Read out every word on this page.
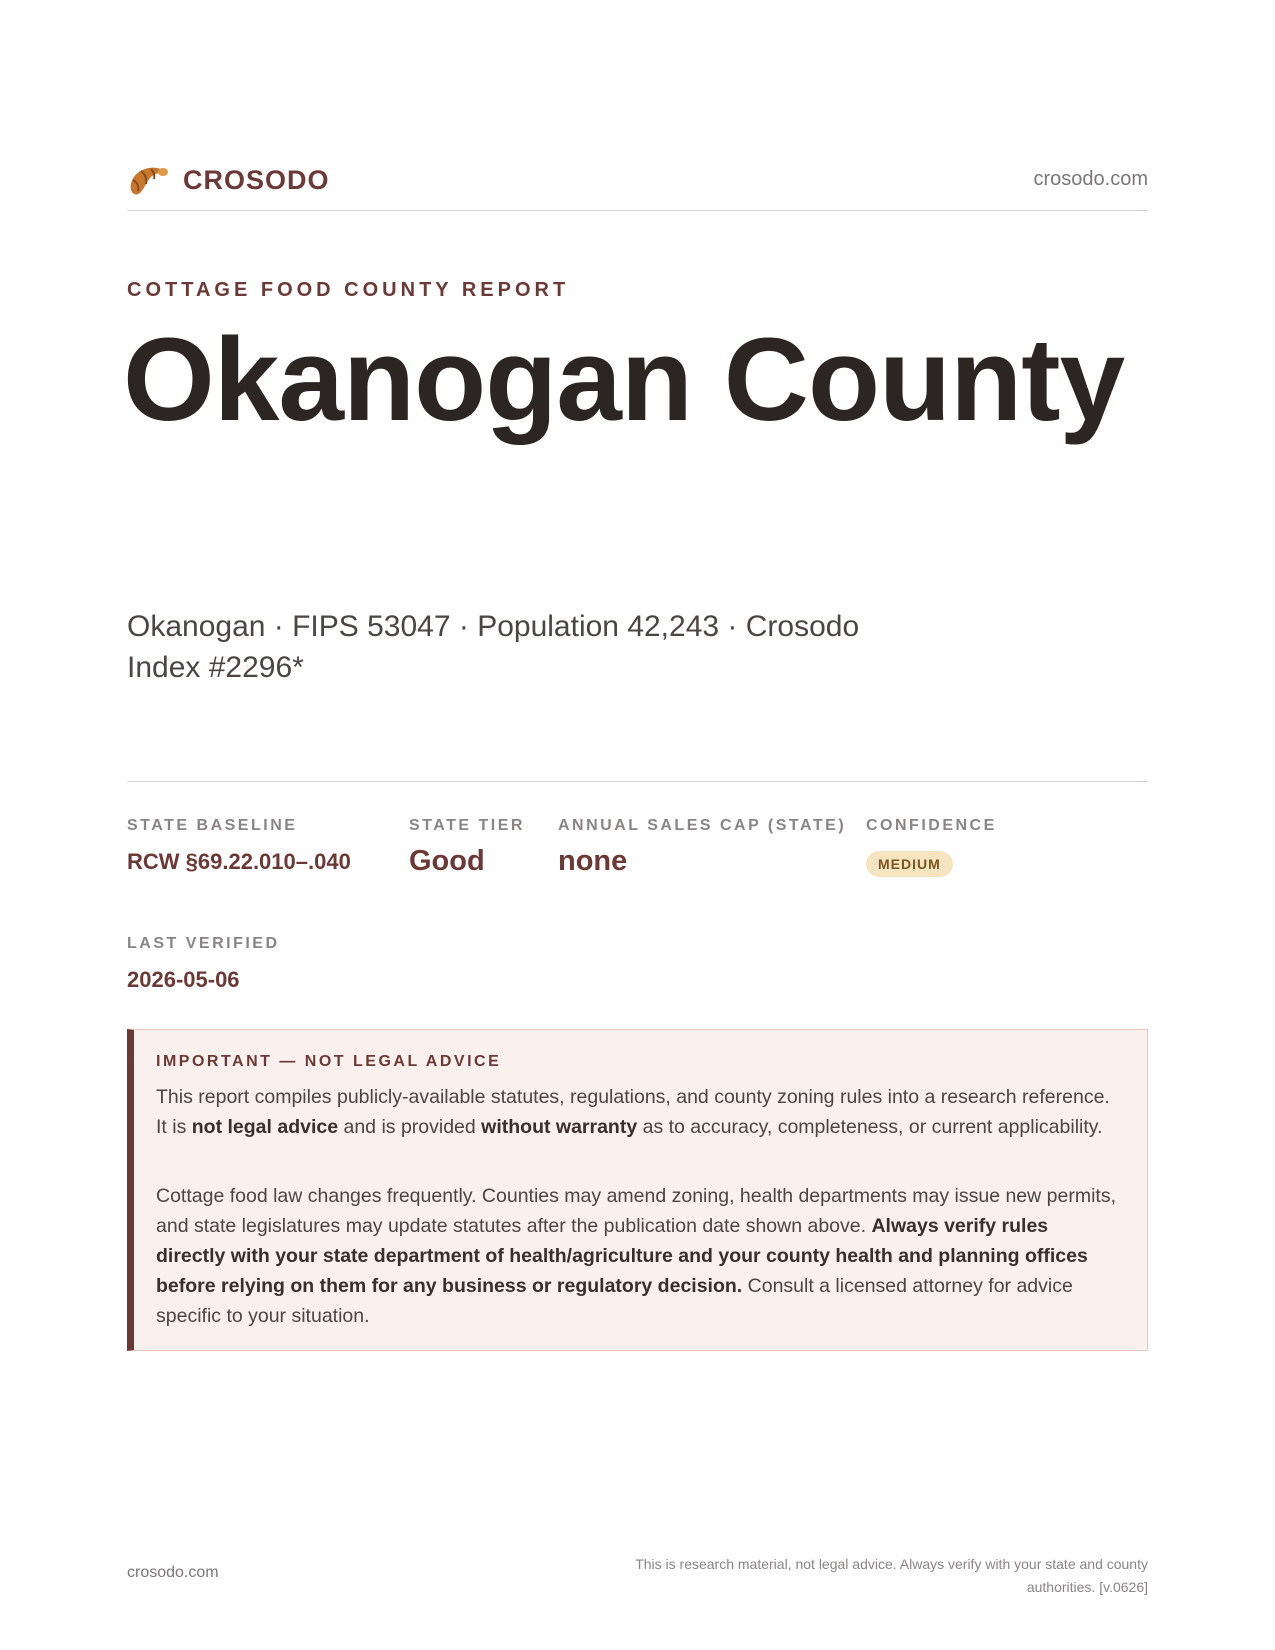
CROSODO	crosodo.com
COTTAGE FOOD COUNTY REPORT
Okanogan County
Okanogan · FIPS 53047 · Population 42,243 · Crosodo Index #2296*
STATE BASELINE
RCW §69.22.010–.040
STATE TIER
Good
ANNUAL SALES CAP (STATE)
none
CONFIDENCE
MEDIUM
LAST VERIFIED
2026-05-06
IMPORTANT — NOT LEGAL ADVICE
This report compiles publicly-available statutes, regulations, and county zoning rules into a research reference. It is not legal advice and is provided without warranty as to accuracy, completeness, or current applicability.
Cottage food law changes frequently. Counties may amend zoning, health departments may issue new permits, and state legislatures may update statutes after the publication date shown above. Always verify rules directly with your state department of health/agriculture and your county health and planning offices before relying on them for any business or regulatory decision. Consult a licensed attorney for advice specific to your situation.
crosodo.com	This is research material, not legal advice. Always verify with your state and county authorities. [v.0626]
